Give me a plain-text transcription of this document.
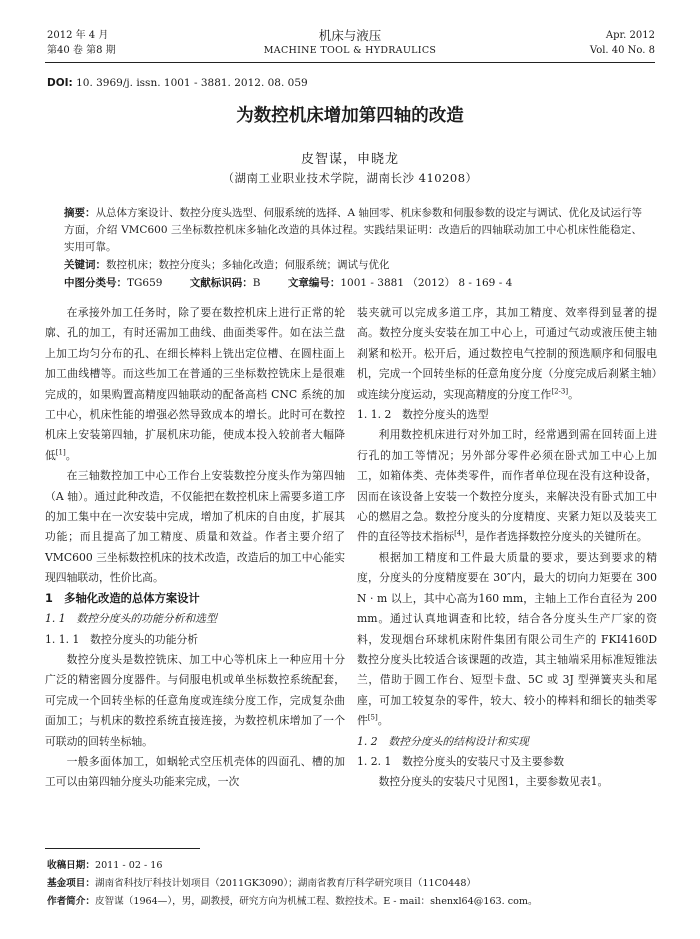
2012 年 4 月
第40 卷 第8 期
机床与液压
MACHINE TOOL & HYDRAULICS
Apr. 2012
Vol. 40 No. 8
DOI: 10. 3969/j. issn. 1001 - 3881. 2012. 08. 059
为数控机床增加第四轴的改造
皮智谋，申晓龙
（湖南工业职业技术学院，湖南长沙 410208）
摘要：从总体方案设计、数控分度头选型、伺服系统的选择、A 轴回零、机床参数和伺服参数的设定与调试、优化及试运行等方面，介绍 VMC600 三坐标数控机床多轴化改造的具体过程。实践结果证明：改造后的四轴联动加工中心机床性能稳定、实用可靠。
关键词：数控机床；数控分度头；多轴化改造；伺服系统；调试与优化
中图分类号：TG659	文献标识码：B	文章编号：1001 - 3881 （2012） 8 - 169 - 4

在承接外加工任务时，除了要在数控机床上进行正常的轮廓、孔的加工，有时还需加工曲线、曲面类零件。如在法兰盘上加工均匀分布的孔、在细长棒料上铣出定位槽、在圆柱面上加工曲线槽等。而这些加工在普通的三坐标数控铣床上是很难完成的，如果购置高精度四轴联动的配备高档 CNC 系统的加工中心，机床性能的增强必然导致成本的增长。此时可在数控机床上安装第四轴，扩展机床功能，使成本投入较前者大幅降低[1]。

在三轴数控加工中心工作台上安装数控分度头作为第四轴（A 轴）。通过此种改造，不仅能把在数控机床上需要多道工序的加工集中在一次安装中完成，增加了机床的自由度，扩展其功能；而且提高了加工精度、质量和效益。作者主要介绍了 VMC600 三坐标数控机床的技术改造，改造后的加工中心能实现四轴联动，性价比高。

1　多轴化改造的总体方案设计
1. 1　数控分度头的功能分析和选型
1. 1. 1　数控分度头的功能分析

数控分度头是数控铣床、加工中心等机床上一种应用十分广泛的精密圆分度器件。与伺服电机或单坐标数控系统配套，可完成一个回转坐标的任意角度或连续分度工作，完成复杂曲面加工；与机床的数控系统直接连接，为数控机床增加了一个可联动的回转坐标轴。

一般多面体加工，如蜗轮式空压机壳体的四面孔、槽的加工可以由第四轴分度头功能来完成，一次

装夹就可以完成多道工序，其加工精度、效率得到显著的提高。数控分度头安装在加工中心上，可通过气动或液压使主轴刹紧和松开。松开后，通过数控电气控制的预选顺序和伺服电机，完成一个回转坐标的任意角度分度（分度完成后刹紧主轴）或连续分度运动，实现高精度的分度工作[2-3]。

1. 1. 2　数控分度头的选型

利用数控机床进行对外加工时，经常遇到需在回转面上进行孔的加工等情况；另外部分零件必须在卧式加工中心上加工，如箱体类、壳体类零件，而作者单位现在没有这种设备，因而在该设备上安装一个数控分度头，来解决没有卧式加工中心的燃眉之急。数控分度头的分度精度、夹紧力矩以及装夹工件的直径等技术指标[4]，是作者选择数控分度头的关键所在。

根据加工精度和工件最大质量的要求，要达到要求的精度，分度头的分度精度要在 30″内，最大的切向力矩要在 300 N · m 以上，其中心高为160 mm，主轴上工作台直径为 200 mm。通过认真地调查和比较，结合各分度头生产厂家的资料，发现烟台环球机床附件集团有限公司生产的 FKI4160D 数控分度头比较适合该课题的改造，其主轴端采用标准短锥法兰，借助于圆工作台、短型卡盘、5C 或 3J 型弹簧夹头和尾座，可加工较复杂的零件，较大、较小的棒料和细长的轴类零件[5]。

1. 2　数控分度头的结构设计和实现
1. 2. 1　数控分度头的安装尺寸及主要参数

数控分度头的安装尺寸见图1，主要参数见表1。

收稿日期：2011 - 02 - 16
基金项目：湖南省科技厅科技计划项目（2011GK3090）；湖南省教育厅科学研究项目（11C0448）
作者简介：皮智谋（1964—），男，副教授，研究方向为机械工程、数控技术。E - mail：shenxl64@163. com。
